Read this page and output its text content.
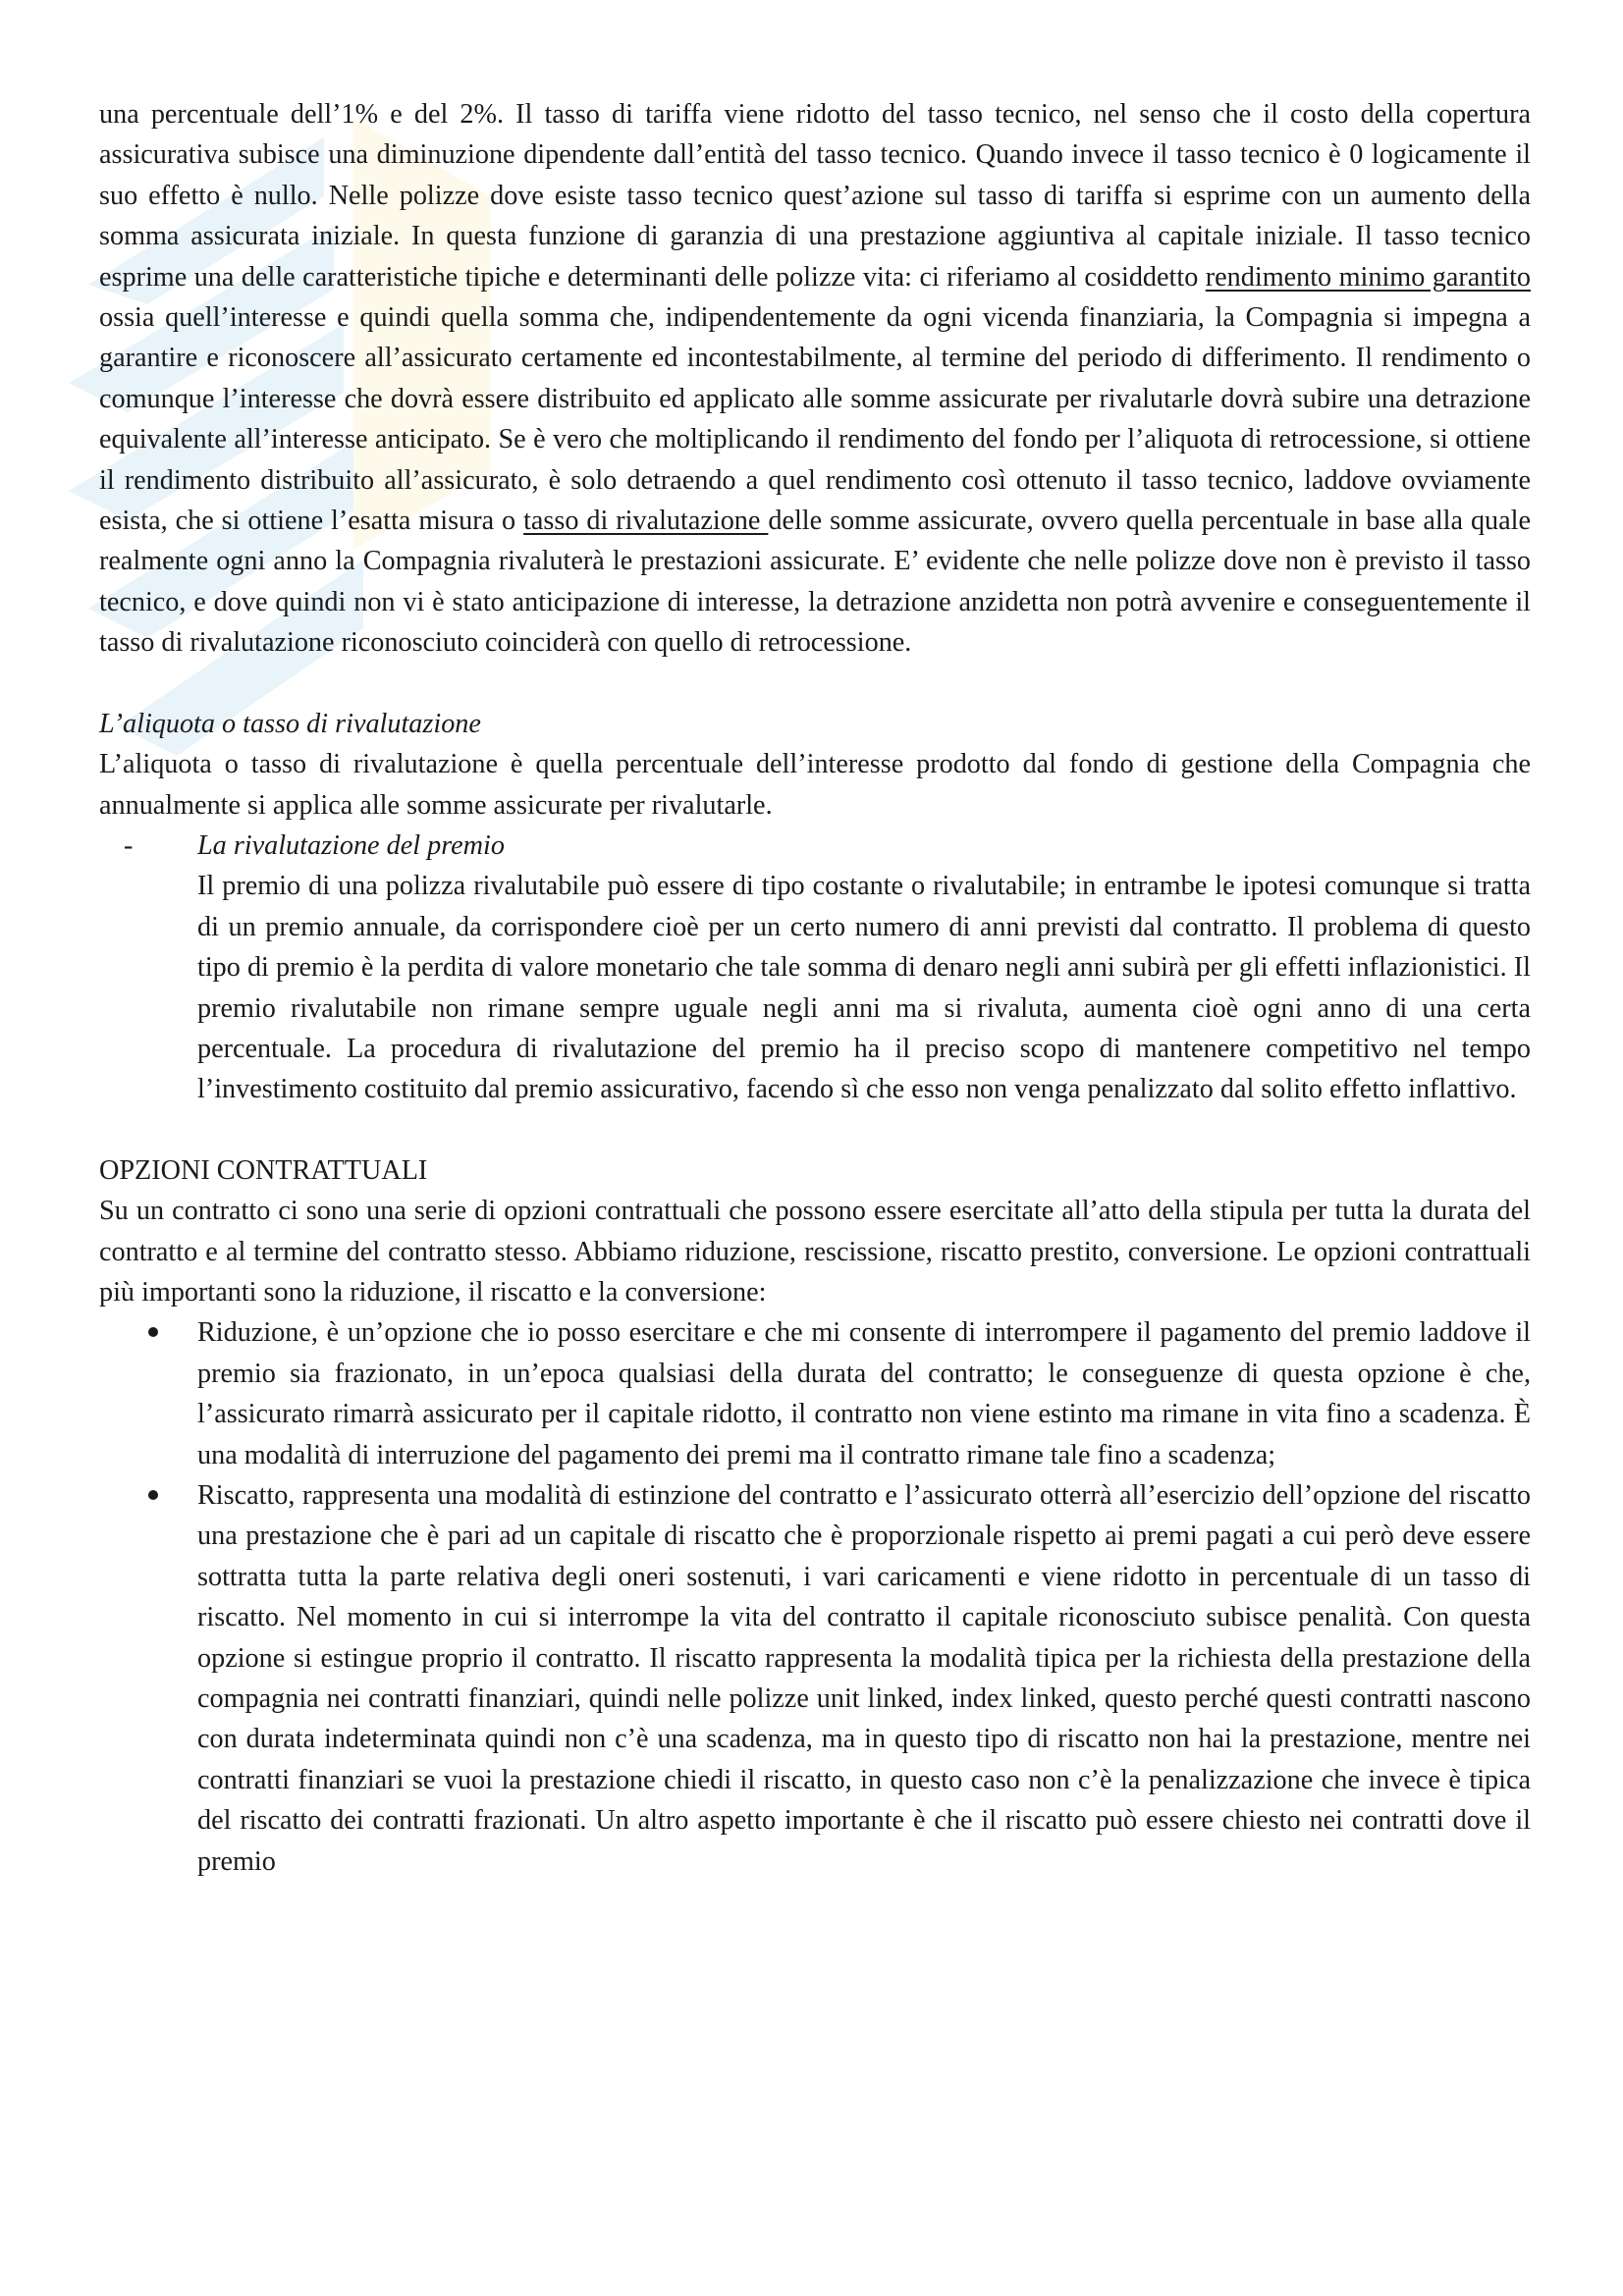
una percentuale dell’1% e del 2%. Il tasso di tariffa viene ridotto del tasso tecnico, nel senso che il costo della copertura assicurativa subisce una diminuzione dipendente dall’entità del tasso tecnico. Quando invece il tasso tecnico è 0 logicamente il suo effetto è nullo. Nelle polizze dove esiste tasso tecnico quest’azione sul tasso di tariffa si esprime con un aumento della somma assicurata iniziale. In questa funzione di garanzia di una prestazione aggiuntiva al capitale iniziale. Il tasso tecnico esprime una delle caratteristiche tipiche e determinanti delle polizze vita: ci riferiamo al cosiddetto rendimento minimo garantito ossia quell’interesse e quindi quella somma che, indipendentemente da ogni vicenda finanziaria, la Compagnia si impegna a garantire e riconoscere all’assicurato certamente ed incontestabilmente, al termine del periodo di differimento. Il rendimento o comunque l’interesse che dovrà essere distribuito ed applicato alle somme assicurate per rivalutarle dovrà subire una detrazione equivalente all’interesse anticipato. Se è vero che moltiplicando il rendimento del fondo per l’aliquota di retrocessione, si ottiene il rendimento distribuito all’assicurato, è solo detraendo a quel rendimento così ottenuto il tasso tecnico, laddove ovviamente esista, che si ottiene l’esatta misura o tasso di rivalutazione delle somme assicurate, ovvero quella percentuale in base alla quale realmente ogni anno la Compagnia rivaluterà le prestazioni assicurate. E’ evidente che nelle polizze dove non è previsto il tasso tecnico, e dove quindi non vi è stato anticipazione di interesse, la detrazione anzidetta non potrà avvenire e conseguentemente il tasso di rivalutazione riconosciuto coinciderà con quello di retrocessione.

L’aliquota o tasso di rivalutazione

L’aliquota o tasso di rivalutazione è quella percentuale dell’interesse prodotto dal fondo di gestione della Compagnia che annualmente si applica alle somme assicurate per rivalutarle.

-	La rivalutazione del premio

Il premio di una polizza rivalutabile può essere di tipo costante o rivalutabile; in entrambe le ipotesi comunque si tratta di un premio annuale, da corrispondere cioè per un certo numero di anni previsti dal contratto. Il problema di questo tipo di premio è la perdita di valore monetario che tale somma di denaro negli anni subirà per gli effetti inflazionistici. Il premio rivalutabile non rimane sempre uguale negli anni ma si rivaluta, aumenta cioè ogni anno di una certa percentuale. La procedura di rivalutazione del premio ha il preciso scopo di mantenere competitivo nel tempo l’investimento costituito dal premio assicurativo, facendo sì che esso non venga penalizzato dal solito effetto inflattivo.

OPZIONI CONTRATTUALI

Su un contratto ci sono una serie di opzioni contrattuali che possono essere esercitate all’atto della stipula per tutta la durata del contratto e al termine del contratto stesso. Abbiamo riduzione, rescissione, riscatto prestito, conversione. Le opzioni contrattuali più importanti sono la riduzione, il riscatto e la conversione:

Riduzione, è un’opzione che io posso esercitare e che mi consente di interrompere il pagamento del premio laddove il premio sia frazionato, in un’epoca qualsiasi della durata del contratto; le conseguenze di questa opzione è che, l’assicurato rimarrà assicurato per il capitale ridotto, il contratto non viene estinto ma rimane in vita fino a scadenza. È una modalità di interruzione del pagamento dei premi ma il contratto rimane tale fino a scadenza;

Riscatto, rappresenta una modalità di estinzione del contratto e l’assicurato otterrà all’esercizio dell’opzione del riscatto una prestazione che è pari ad un capitale di riscatto che è proporzionale rispetto ai premi pagati a cui però deve essere sottratta tutta la parte relativa degli oneri sostenuti, i vari caricamenti e viene ridotto in percentuale di un tasso di riscatto. Nel momento in cui si interrompe la vita del contratto il capitale riconosciuto subisce penalità. Con questa opzione si estingue proprio il contratto. Il riscatto rappresenta la modalità tipica per la richiesta della prestazione della compagnia nei contratti finanziari, quindi nelle polizze unit linked, index linked, questo perché questi contratti nascono con durata indeterminata quindi non c’è una scadenza, ma in questo tipo di riscatto non hai la prestazione, mentre nei contratti finanziari se vuoi la prestazione chiedi il riscatto, in questo caso non c’è la penalizzazione che invece è tipica del riscatto dei contratti frazionati. Un altro aspetto importante è che il riscatto può essere chiesto nei contratti dove il premio
